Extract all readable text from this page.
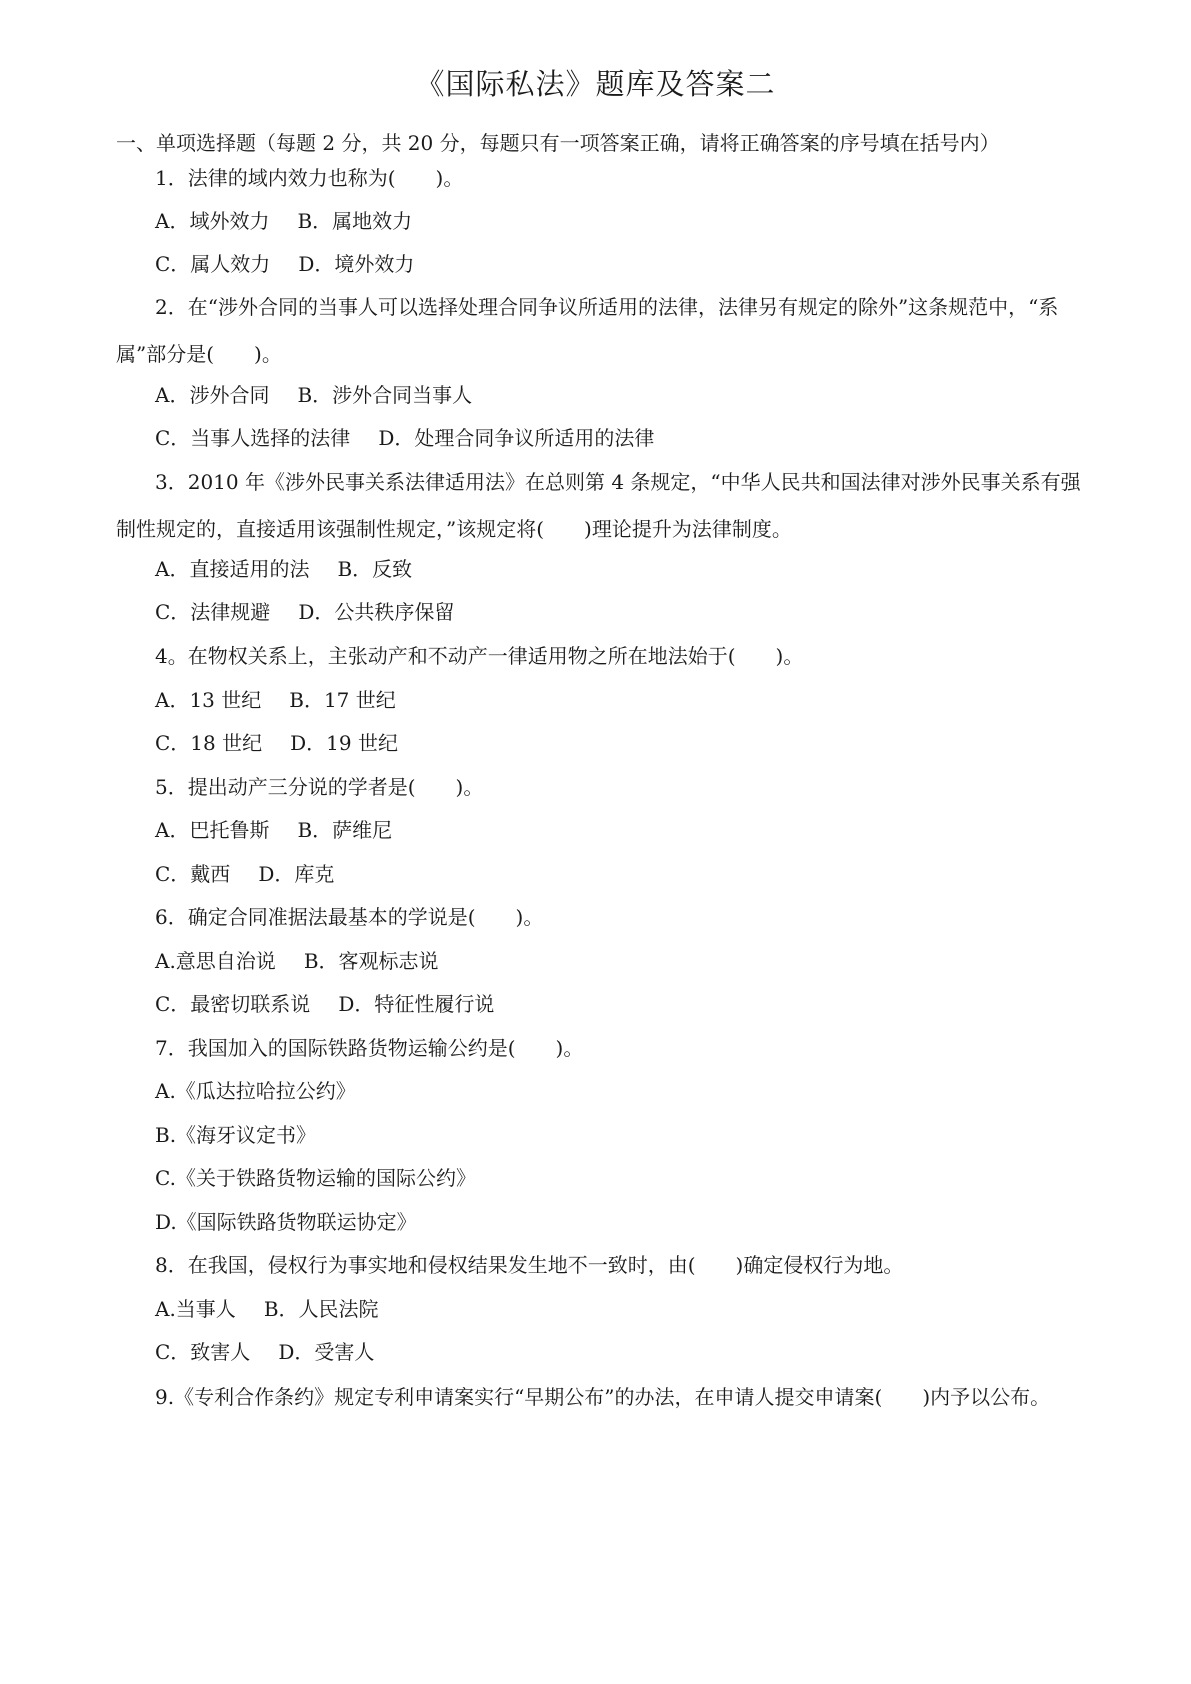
《国际私法》题库及答案二
一、单项选择题（每题 2 分，共 20 分，每题只有一项答案正确，请将正确答案的序号填在括号内）
1．法律的域内效力也称为(　　)。
A．域外效力 B．属地效力
C．属人效力 D．境外效力
2．在“涉外合同的当事人可以选择处理合同争议所适用的法律，法律另有规定的除外”这条规范中，“系属”部分是(　　)。
A．涉外合同 B．涉外合同当事人
C．当事人选择的法律 D．处理合同争议所适用的法律
3．2010 年《涉外民事关系法律适用法》在总则第 4 条规定，“中华人民共和国法律对涉外民事关系有强制性规定的，直接适用该强制性规定，”该规定将(　　)理论提升为法律制度。
A．直接适用的法 B．反致
C．法律规避 D．公共秩序保留
4。在物权关系上，主张动产和不动产一律适用物之所在地法始于(　　)。
A．13 世纪 B．17 世纪
C．18 世纪 D．19 世纪
5．提出动产三分说的学者是(　　)。
A．巴托鲁斯 B．萨维尼
C．戴西 D．库克
6．确定合同准据法最基本的学说是(　　)。
A.意思自治说 B．客观标志说
C．最密切联系说 D．特征性履行说
7．我国加入的国际铁路货物运输公约是(　　)。
A.《瓜达拉哈拉公约》
B.《海牙议定书》
C.《关于铁路货物运输的国际公约》
D.《国际铁路货物联运协定》
8．在我国，侵权行为事实地和侵权结果发生地不一致时，由(　　)确定侵权行为地。
A.当事人 B．人民法院
C．致害人 D．受害人
9.《专利合作条约》规定专利申请案实行“早期公布”的办法，在申请人提交申请案(　　)内予以公布。
